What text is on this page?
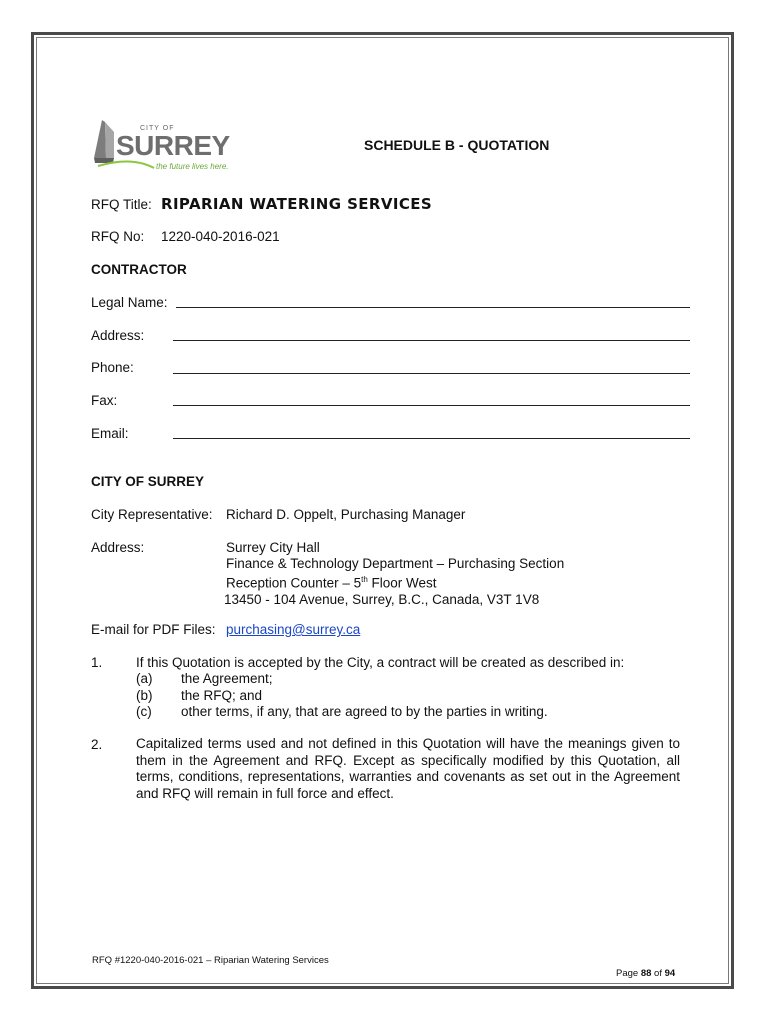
CITY OF
SURREY
the future lives here.
SCHEDULE B - QUOTATION
RFQ Title: RIPARIAN WATERING SERVICES
RFQ No: 1220-040-2016-021
CONTRACTOR
Legal Name:
Address:
Phone:
Fax:
Email:
CITY OF SURREY
City Representative: Richard D. Oppelt, Purchasing Manager
Address:	Surrey City Hall
Finance & Technology Department – Purchasing Section
Reception Counter – 5th Floor West
13450 - 104 Avenue, Surrey, B.C., Canada, V3T 1V8
E-mail for PDF Files: purchasing@surrey.ca
1. If this Quotation is accepted by the City, a contract will be created as described in:
(a) the Agreement;
(b) the RFQ; and
(c) other terms, if any, that are agreed to by the parties in writing.
2. Capitalized terms used and not defined in this Quotation will have the meanings given to them in the Agreement and RFQ. Except as specifically modified by this Quotation, all terms, conditions, representations, warranties and covenants as set out in the Agreement and RFQ will remain in full force and effect.
RFQ #1220-040-2016-021 – Riparian Watering Services
Page 88 of 94
